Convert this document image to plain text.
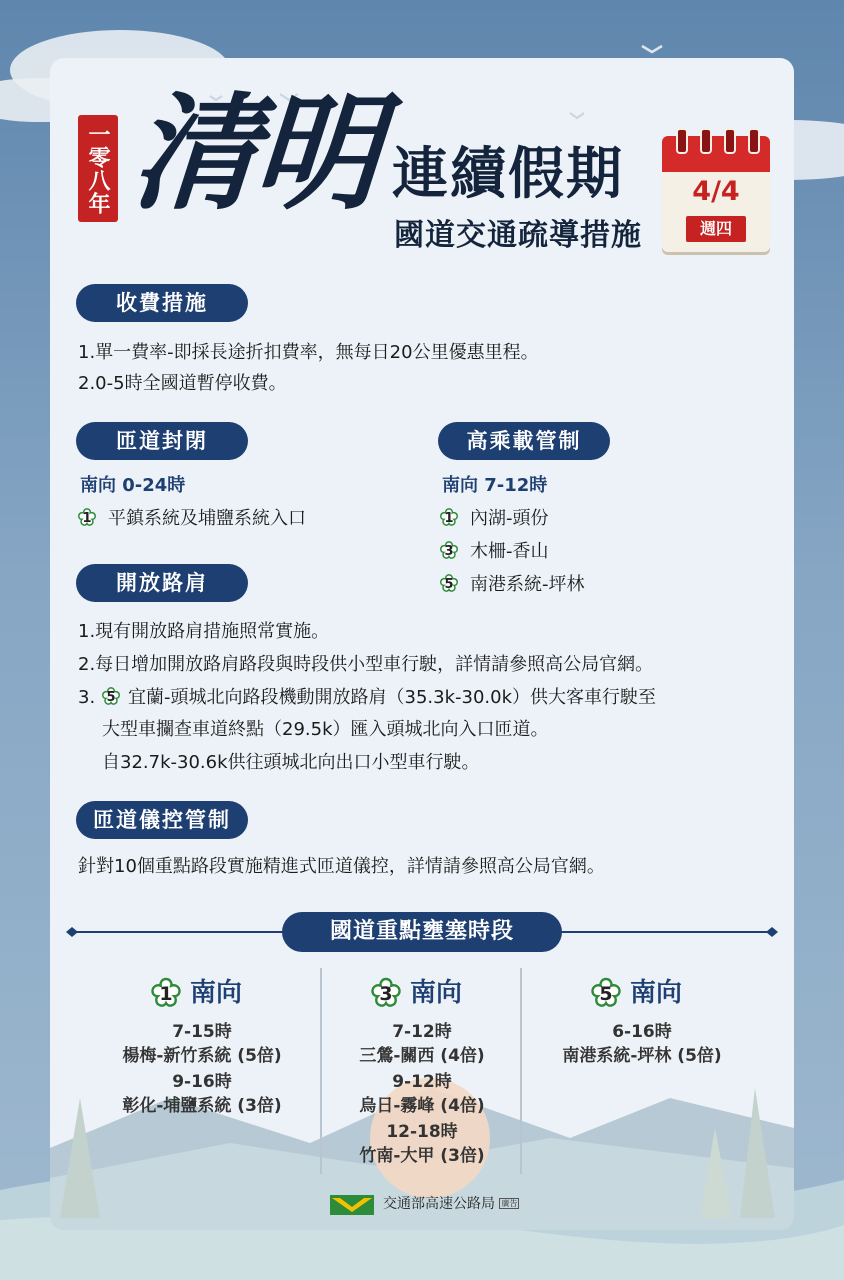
一零八年 清明 連續假期
國道交通疏導措施
4/4
週四
收費措施
1.單一費率-即採長途折扣費率，無每日20公里優惠里程。
2.0-5時全國道暫停收費。
匝道封閉
南向 0-24時
1 平鎮系統及埔鹽系統入口
高乘載管制
南向 7-12時
1 內湖-頭份
3 木柵-香山
5 南港系統-坪林
開放路肩
1.現有開放路肩措施照常實施。
2.每日增加開放路肩路段與時段供小型車行駛，詳情請參照高公局官網。
3. 5 宜蘭-頭城北向路段機動開放路肩（35.3k-30.0k）供大客車行駛至
大型車攔查車道終點（29.5k）匯入頭城北向入口匝道。
自32.7k-30.6k供往頭城北向出口小型車行駛。
匝道儀控管制
針對10個重點路段實施精進式匝道儀控，詳情請參照高公局官網。
國道重點壅塞時段
1 南向
7-15時
楊梅-新竹系統 (5倍)
9-16時
彰化-埔鹽系統 (3倍)
3 南向
7-12時
三鶯-關西 (4倍)
9-12時
烏日-霧峰 (4倍)
12-18時
竹南-大甲 (3倍)
5 南向
6-16時
南港系統-坪林 (5倍)
交通部高速公路局 廣告
